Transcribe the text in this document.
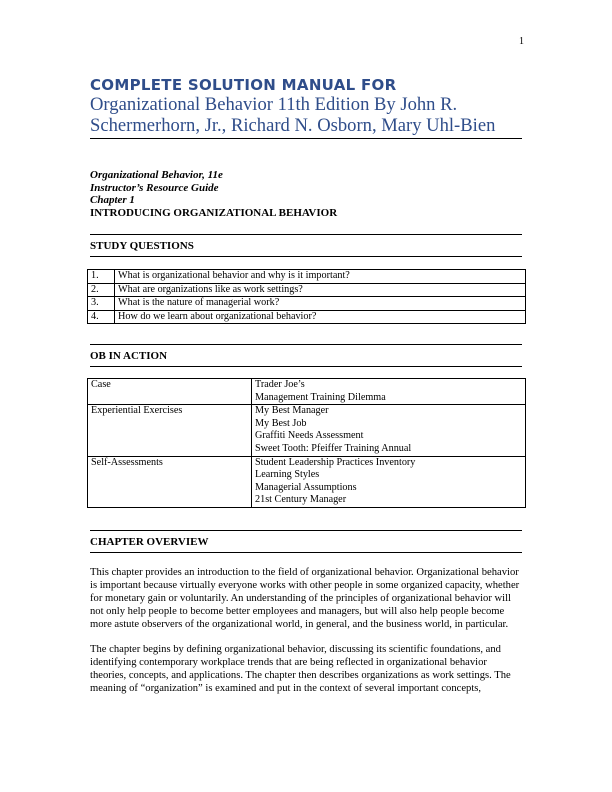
1
COMPLETE SOLUTION MANUAL FOR
Organizational Behavior 11th Edition By John R.
Schermerhorn, Jr., Richard N. Osborn, Mary Uhl-Bien
Organizational Behavior, 11e
Instructor’s Resource Guide
Chapter 1
INTRODUCING ORGANIZATIONAL BEHAVIOR
STUDY QUESTIONS
1.	What is organizational behavior and why is it important?
2.	What are organizations like as work settings?
3.	What is the nature of managerial work?
4.	How do we learn about organizational behavior?
OB IN ACTION
Case	Trader Joe’s
Management Training Dilemma

Experiential Exercises	My Best Manager
My Best Job
Graffiti Needs Assessment
Sweet Tooth: Pfeiffer Training Annual

Self-Assessments	Student Leadership Practices Inventory
Learning Styles
Managerial Assumptions
21st Century Manager
CHAPTER OVERVIEW

This chapter provides an introduction to the field of organizational behavior. Organizational behavior is important because virtually everyone works with other people in some organized capacity, whether for monetary gain or voluntarily. An understanding of the principles of organizational behavior will not only help people to become better employees and managers, but will also help people become more astute observers of the organizational world, in general, and the business world, in particular.

The chapter begins by defining organizational behavior, discussing its scientific foundations, and identifying contemporary workplace trends that are being reflected in organizational behavior theories, concepts, and applications. The chapter then describes organizations as work settings. The meaning of “organization” is examined and put in the context of several important concepts,
